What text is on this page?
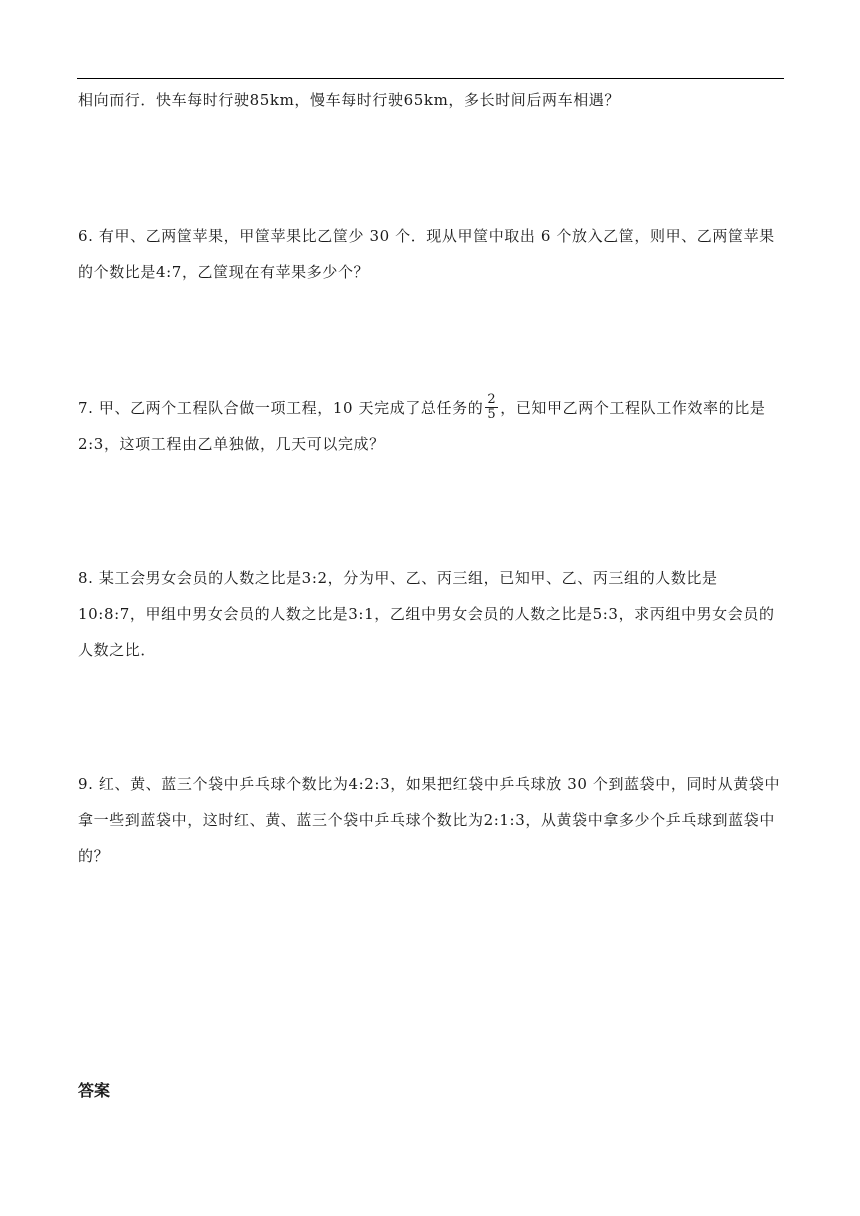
相向而行．快车每时行驶85km，慢车每时行驶65km，多长时间后两车相遇？

6. 有甲、乙两筐苹果，甲筐苹果比乙筐少 30 个．现从甲筐中取出 6 个放入乙筐，则甲、乙两筐苹果的个数比是4:7，乙筐现在有苹果多少个？

7. 甲、乙两个工程队合做一项工程，10 天完成了总任务的 $\frac{2}{5}$ ，已知甲乙两个工程队工作效率的比是2:3，这项工程由乙单独做，几天可以完成？

8. 某工会男女会员的人数之比是3:2，分为甲、乙、丙三组，已知甲、乙、丙三组的人数比是10:8:7，甲组中男女会员的人数之比是3:1，乙组中男女会员的人数之比是5:3，求丙组中男女会员的人数之比．

9. 红、黄、蓝三个袋中乒乓球个数比为4:2:3，如果把红袋中乒乓球放 30 个到蓝袋中，同时从黄袋中拿一些到蓝袋中，这时红、黄、蓝三个袋中乒乓球个数比为2:1:3，从黄袋中拿多少个乒乓球到蓝袋中的？

答案
